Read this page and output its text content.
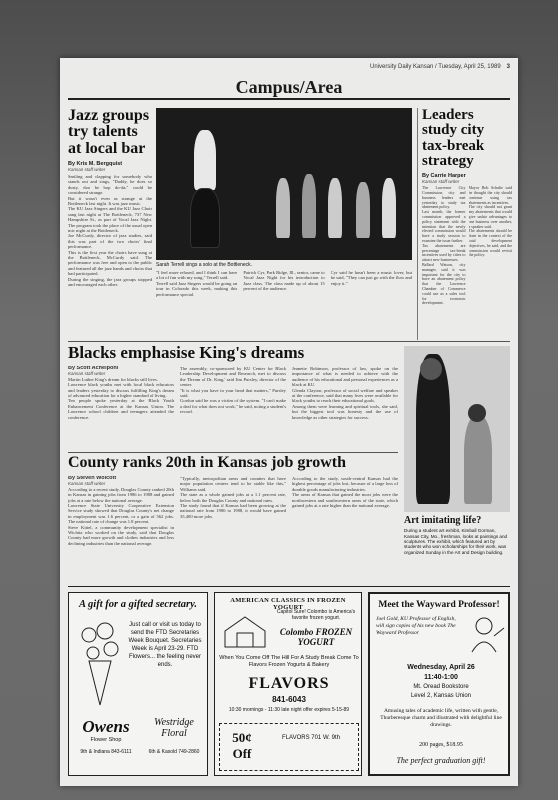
University Daily Kansan / Tuesday, April 25, 1989 3
Campus/Area
Jazz groups try talents at local bar
By Kris M. Bergquist
Kansan staff writer

Smiling and clapping for somebody who stands out and sings, "Daddy, he does so dusty, doo be bop do-da," could be considered strange.

But it wasn't even as strange at the Bottleneck last night. It was jazz music.

The KU Jazz Singers and the KU Jazz Choir sang last night at The Bottleneck, 737 New Hampshire St., as part of Vocal Jazz Night. The program took the place of the usual open mic night at the Bottleneck.

Joe McCurdy, director of jazz studies, said this was part of the two choirs' final performance.

This is the first year the choirs have sung at the Bottleneck, McCurdy said. The performance was free and open to the public and featured all the jazz bands and choirs that had participated.

During the singing, the jazz groups stopped and encouraged each other.

Sarah Terrell sings a solo at the Bottleneck.

"I feel more relaxed, and I think I can have a lot of fun with my song," Terrell said.

Terrell said Jazz Singers would be going on tour in Colorado this week, making this performance special.

Patrick Cyr, Park Ridge, Ill., senior, came to Vocal Jazz Night for his introduction to Jazz class. The class made up of about 15 percent of the audience.

Cyr said he hasn't been a music lover, but he said, "They can just go with the flow and enjoy it."

Leaders study city tax-break strategy
By Carrie Harper
Kansan staff writer

The Lawrence City Commission, city and business leaders met yesterday to study tax abatement policy.

Last month, the former commission approved a policy statement with the intention that the newly elected commission would have a study session to examine the issue further.

Tax abatements are percentage tax-break incentives used by cities to attract new businesses.

Ballard Watson, city manager, said it was important for the city to have an abatement policy that the Lawrence Chamber of Commerce could use as a sales tool for economic development.

Mayor Bob Schulte said he thought the city should continue using tax abatements as incentives.

The city should not grant any abatements that would give unfair advantages to one business over another, a speaker said.

The abatements should be done in the context of the total development objectives, he said, and the commission would revisit the policy.

Blacks emphasise King's dreams
By Scott Achelpohl
Kansan staff writer

Martin Luther King's dream for blacks still lives.

Lawrence black youths met with local black educators and leaders yesterday to discuss fulfilling King's dream of advanced education for a higher standard of living.

Ten people spoke yesterday at the Black Youth Enhancement Conference at the Kansas Union. The Lawrence school children and teenagers attended the conference.

The assembly, co-sponsored by KU Center for Black Leadership Development and Research, met to discuss the 'Dream of Dr. King,' said Jim Pursley, director of the center.

"It is what you have in your head that matters," Pursley said.

Gordon said he was a victim of the system. "I can't make a deal for what does not work," he said, noting a student's record.

Jeanette Robinson, professor of law, spoke on the importance of what is needed to achieve with the audience of his educational and personal experiences as a black at KU.

Glenda Clayton, professor of social welfare and speaker at the conference, said that many lives were available for black youths to reach their educational goals.

Among them were learning and spiritual tools, she said, but the biggest tool was honesty and the use of knowledge as other strategies for success.

County ranks 20th in Kansas job growth
By Steven Wolcott
Kansan staff writer

According to a recent study, Douglas County ranked 20th in Kansas in gaining jobs from 1986 to 1988 and gained jobs at a rate below the national average.

Lawrence State University Cooperative Extension Service study showed that Douglas County's net change in employment was 1.6 percent, or a gain of 562 jobs. The national rate of change was 1.8 percent.

Steve Kittel, a community development specialist in Wichita who worked on the study, said that Douglas County had more growth and clothes industries and less declining industries than the national average.

"Typically, metropolitan areas and counties that have major population centers tend to be stable like this," Williams said.

The state as a whole gained jobs at a 1.1 percent rate, below both the Douglas County and national rates.

The study found that if Kansas had been growing at the national rate from 1986 to 1988, it would have gained 35,400 more jobs.

According to the study, south-central Kansas had the highest percentage of jobs lost, because of a large loss of durable goods manufacturing industries.

The areas of Kansas that gained the most jobs were the northwestern and southwestern areas of the state, which gained jobs at a rate higher than the national average.

Art imitating life?
During a student art exhibit, Kimball Gorman, Kansas City, Mo., freshman, looks at paintings and sculptures. The exhibit, which featured art by students who won scholarships for their work, was organized Sunday in the Art and Design building.
A gift for a gifted secretary.
Just call or visit us today to send the FTD Secretaries Week Bouquet. Secretaries Week is April 23-29. FTD Flowers... the feeling never ends.
Owens
Flower Shop
9th & Indiana 843-6111
Westridge Floral
6th & Kasold 749-2860
AMERICAN CLASSICS IN FROZEN YOGURT
Capitol Sure! Colombo is America's favorite frozen yogurt.
Colombo FROZEN YOGURT
When You Come Off The Hill For A Study Break Come To Flavors Frozen Yogurts & Bakery
FLAVORS
841-6043
10:30 mornings - 11:30 late night offer expires 5-15-89
50¢ Off
FLAVORS 701 W. 9th
Meet the Wayward Professor!
Joel Gold, KU Professor of English, will sign copies of his new book The Wayward Professor
Wednesday, April 26
11:40-1:00
Mt. Oread Bookstore
Level 2, Kansas Union
Amusing tales of academic life, written with gentle, Thurberesque charm and illustrated with delightful line drawings.
200 pages, $18.95
The perfect graduation gift!
